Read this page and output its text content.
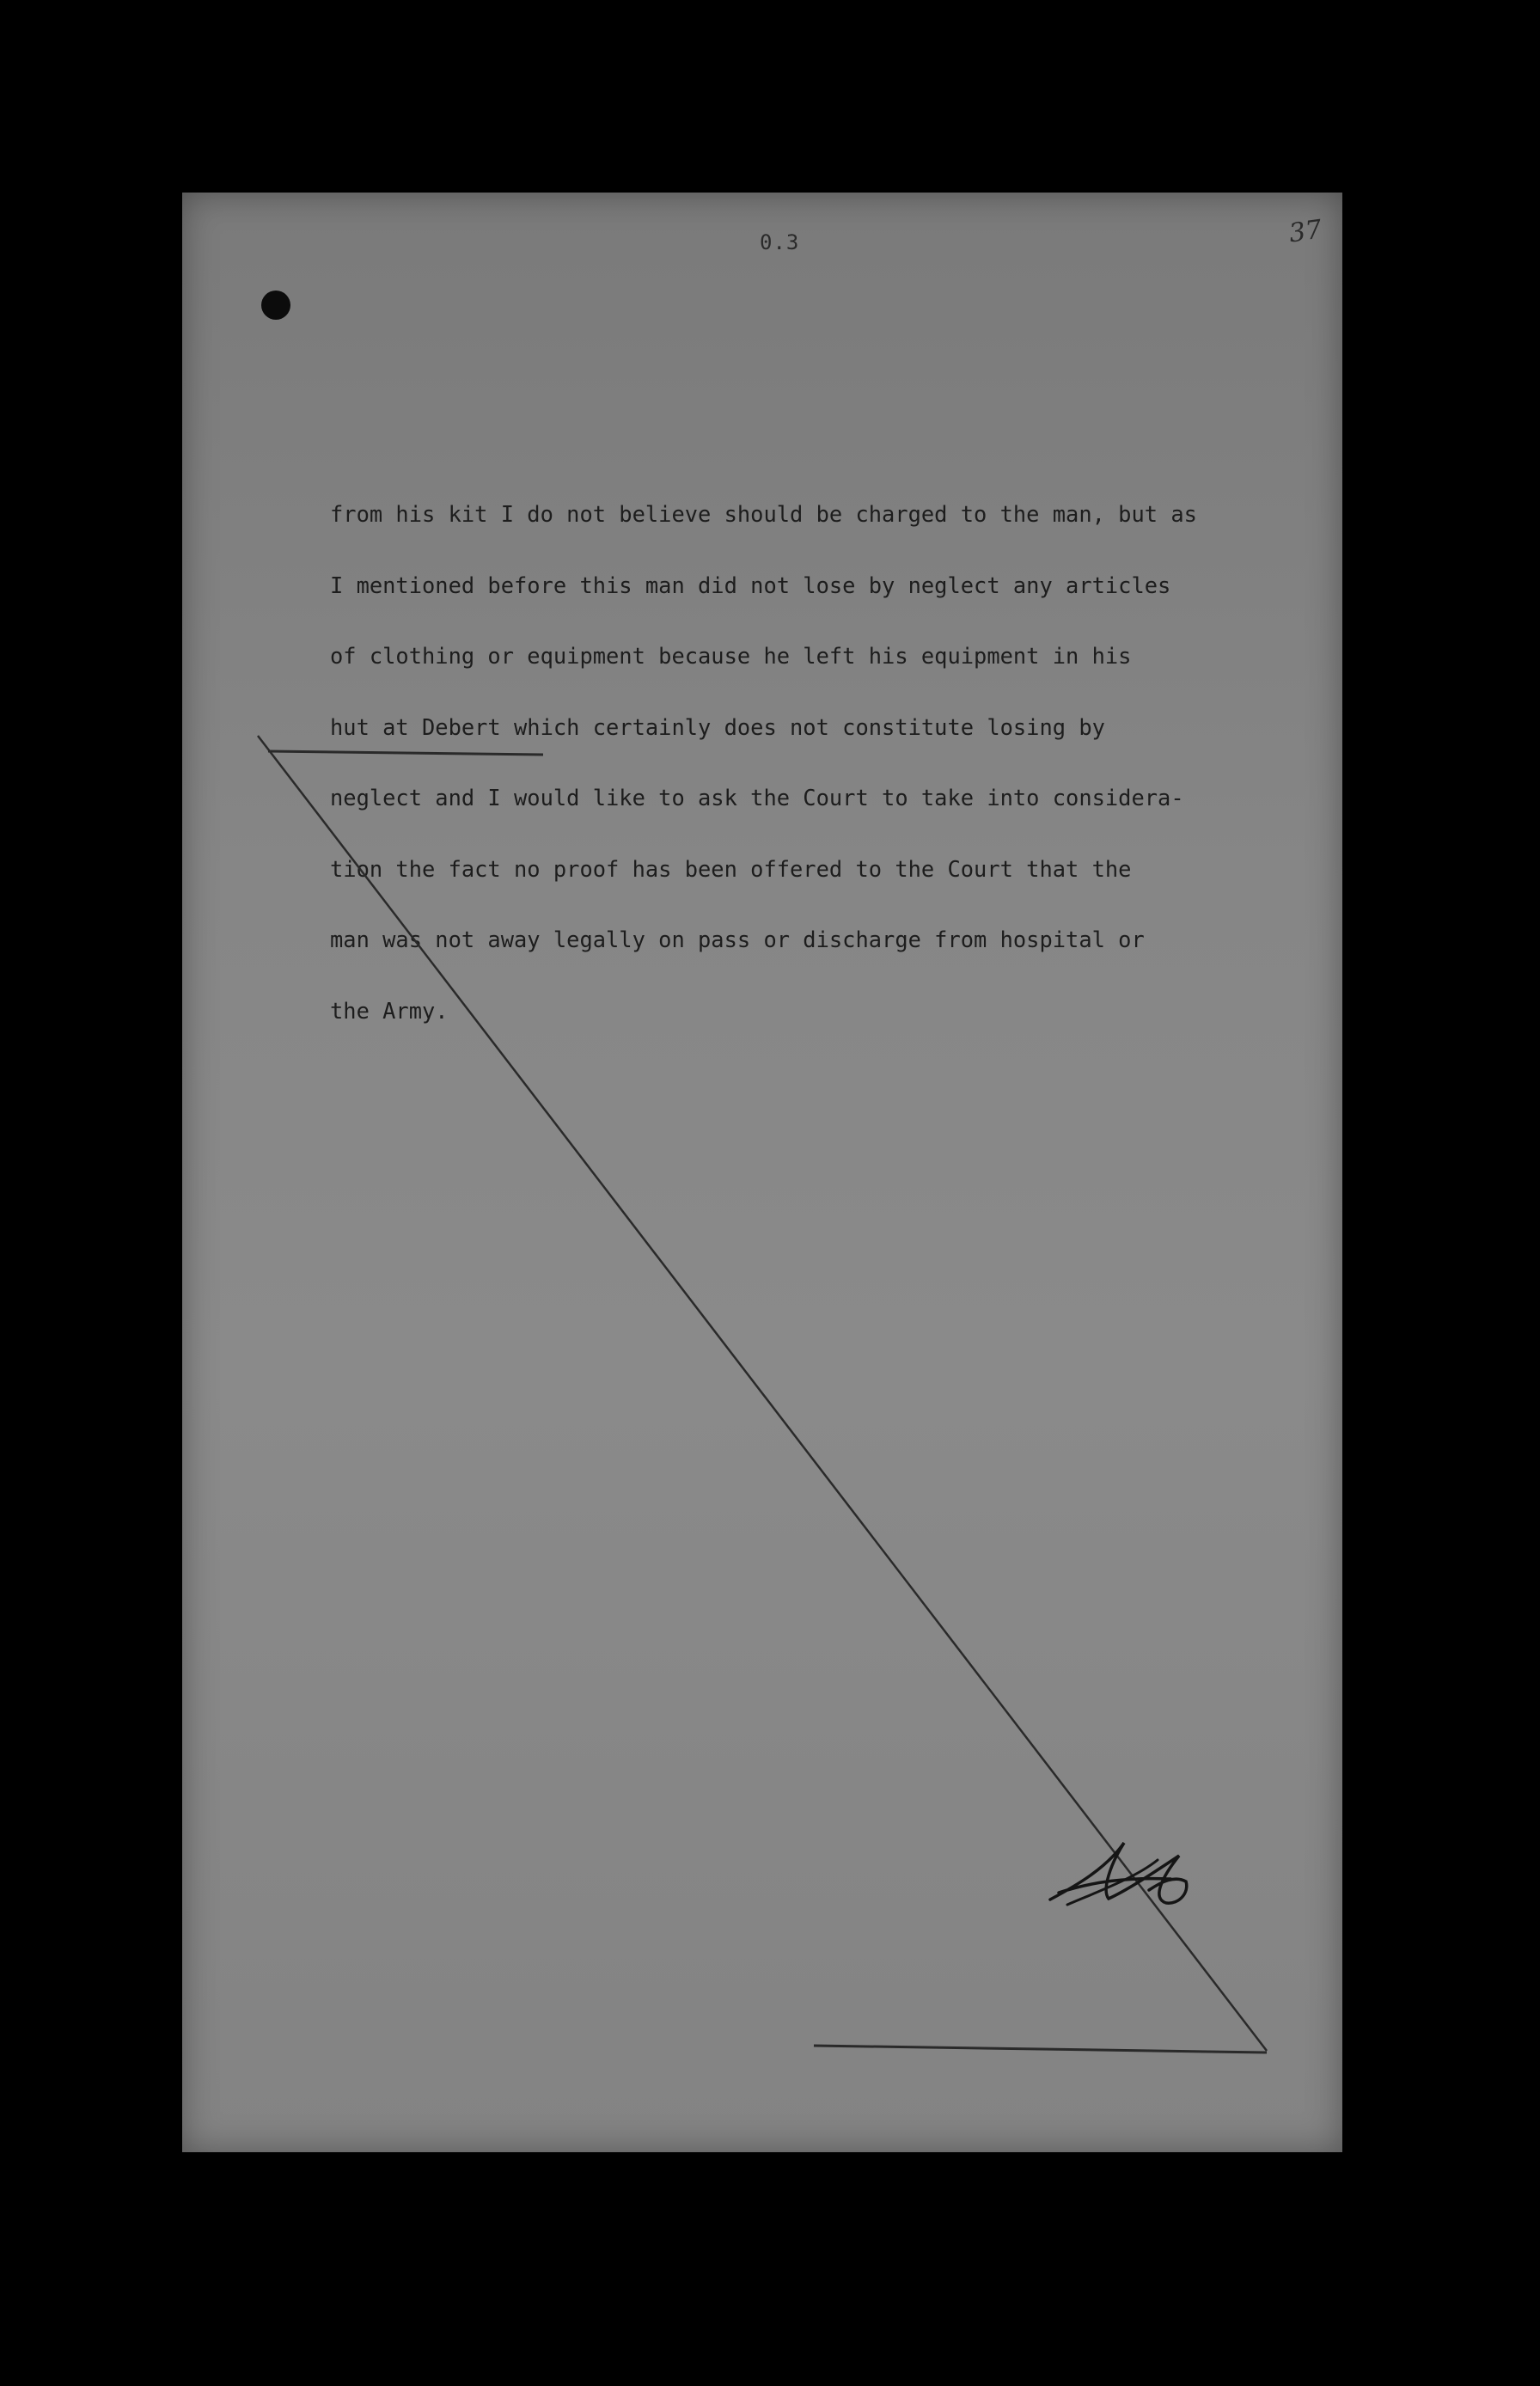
0.3	37

from his kit I do not believe should be charged to the man, but as

I mentioned before this man did not lose by neglect any articles

of clothing or equipment because he left his equipment in his

hut at Debert which certainly does not constitute losing by

neglect and I would like to ask the Court to take into considera-

tion the fact no proof has been offered to the Court that the

man was not away legally on pass or discharge from hospital or

the Army.
